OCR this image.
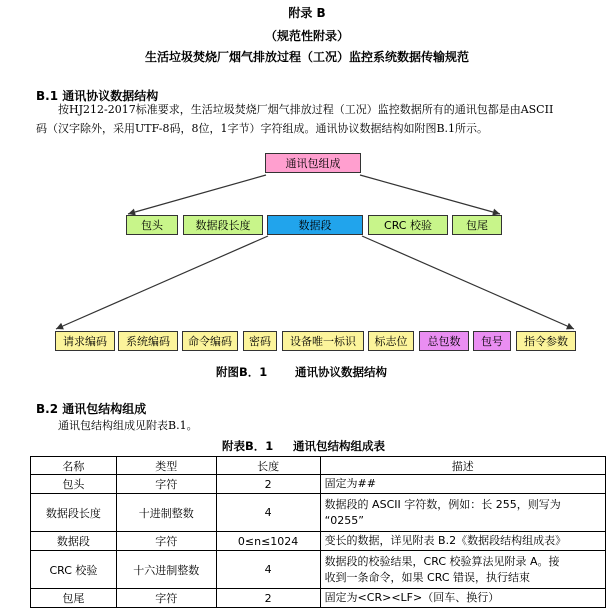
附录 B
（规范性附录）
生活垃圾焚烧厂烟气排放过程（工况）监控系统数据传输规范
B.1 通讯协议数据结构
按HJ212-2017标准要求，生活垃圾焚烧厂烟气排放过程（工况）监控数据所有的通讯包都是由ASCII
码（汉字除外，采用UTF-8码，8位，1字节）字符组成。通讯协议数据结构如附图B.1所示。
通讯包组成
包头	数据段长度	数据段	CRC 校验	包尾
请求编码	系统编码	命令编码	密码	设备唯一标识	标志位	总包数	包号	指令参数
附图B．1 通讯协议数据结构
B.2 通讯包结构组成
通讯包结构组成见附表B.1。
附表B．1 通讯包结构组成表
名称	类型	长度	描述
包头	字符	2	固定为##
数据段长度	十进制整数	4	数据段的 ASCII 字符数，例如：长 255，则写为
“0255”

数据段	字符	0≤n≤1024	变长的数据，详见附表 B.2《数据段结构组成表》
CRC 校验	十六进制整数	4	数据段的校验结果，CRC 校验算法见附录 A。接
收到一条命令，如果 CRC 错误，执行结束

包尾	字符	2	固定为<CR><LF>（回车、换行）
